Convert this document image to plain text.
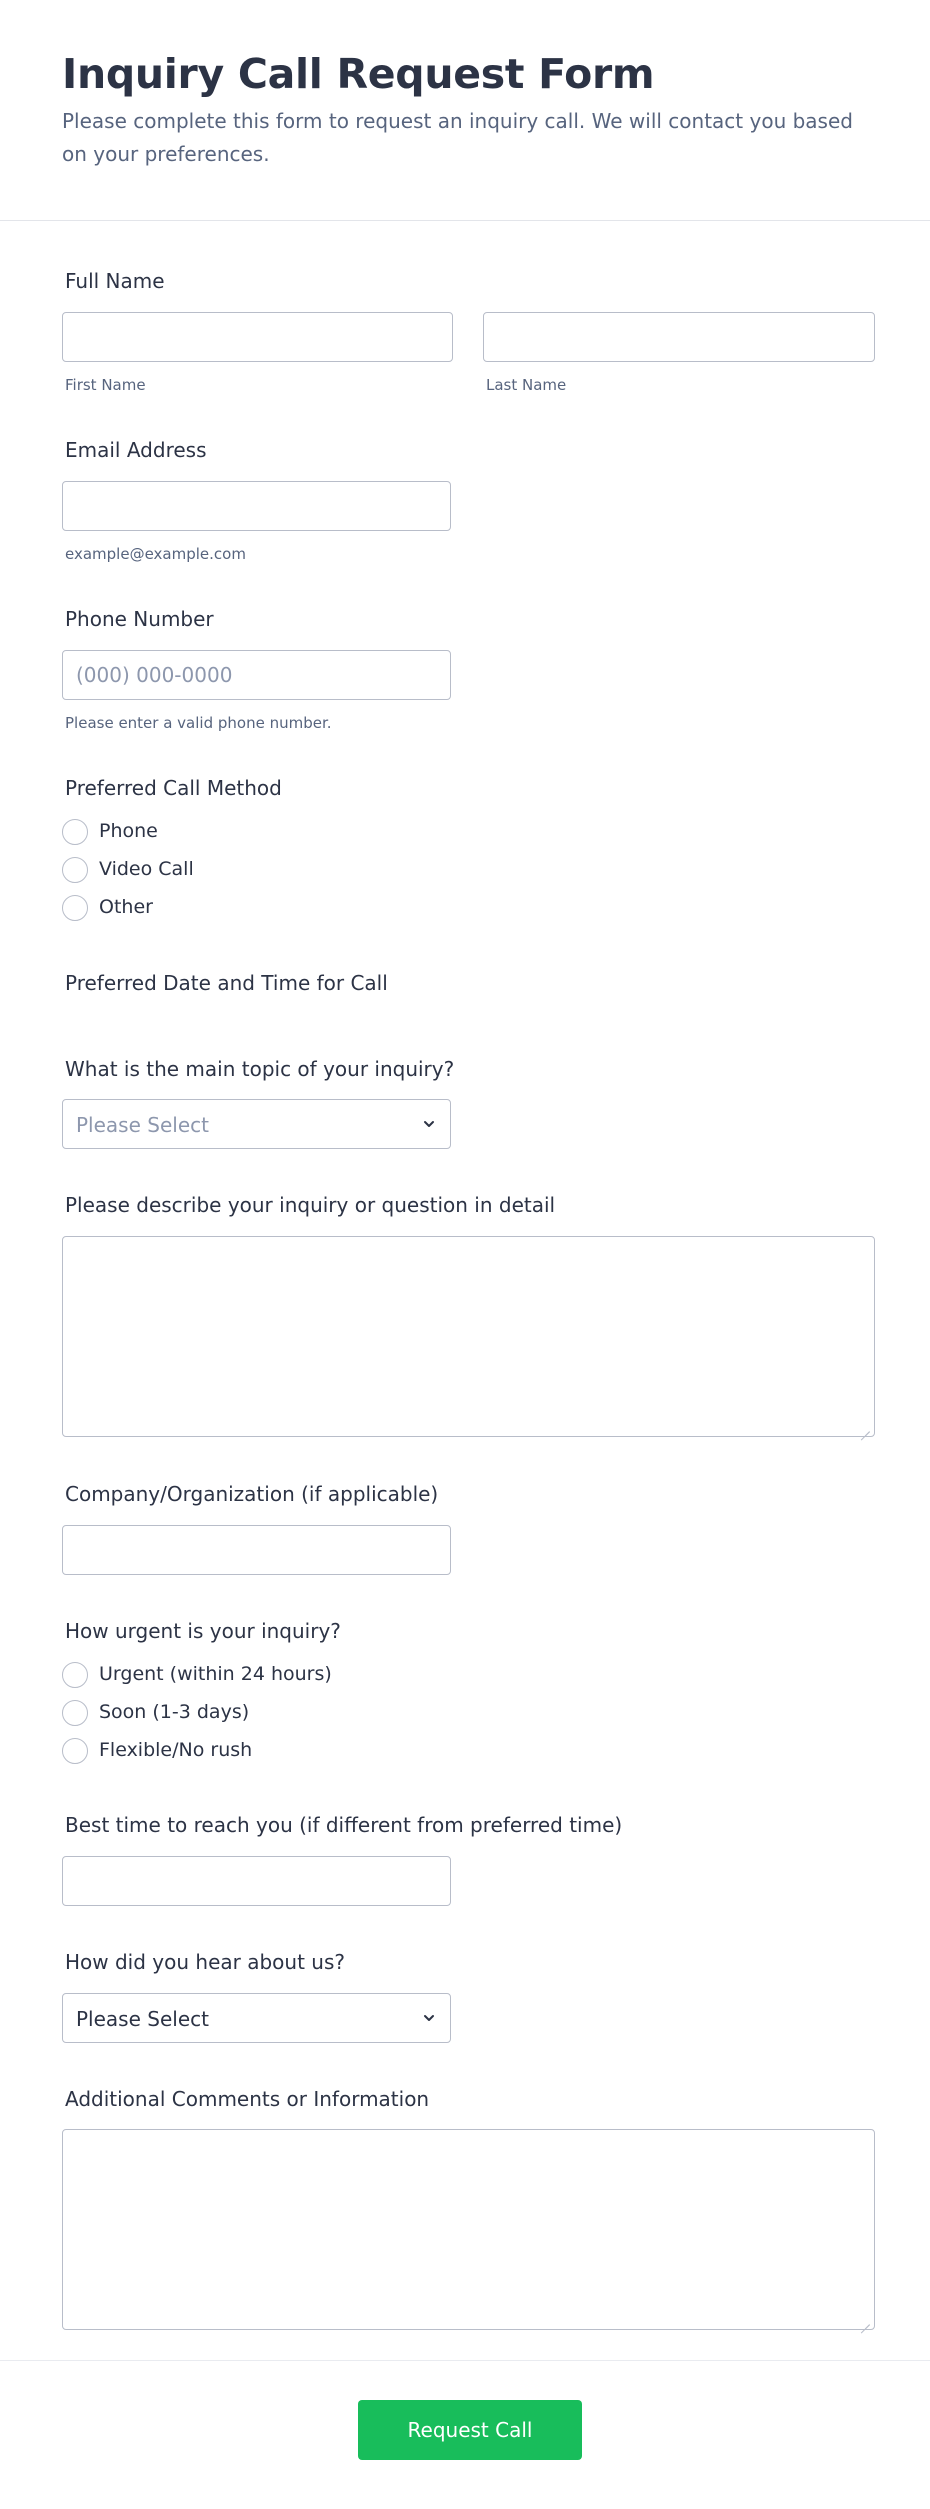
Inquiry Call Request Form
Please complete this form to request an inquiry call. We will contact you based on your preferences.
Full Name
First Name	Last Name
Email Address
example@example.com
Phone Number
(000) 000-0000
Please enter a valid phone number.
Preferred Call Method
Phone
Video Call
Other
Preferred Date and Time for Call
What is the main topic of your inquiry?
Please Select
Please describe your inquiry or question in detail
Company/Organization (if applicable)
How urgent is your inquiry?
Urgent (within 24 hours)
Soon (1-3 days)
Flexible/No rush
Best time to reach you (if different from preferred time)
How did you hear about us?
Please Select
Additional Comments or Information
Request Call
